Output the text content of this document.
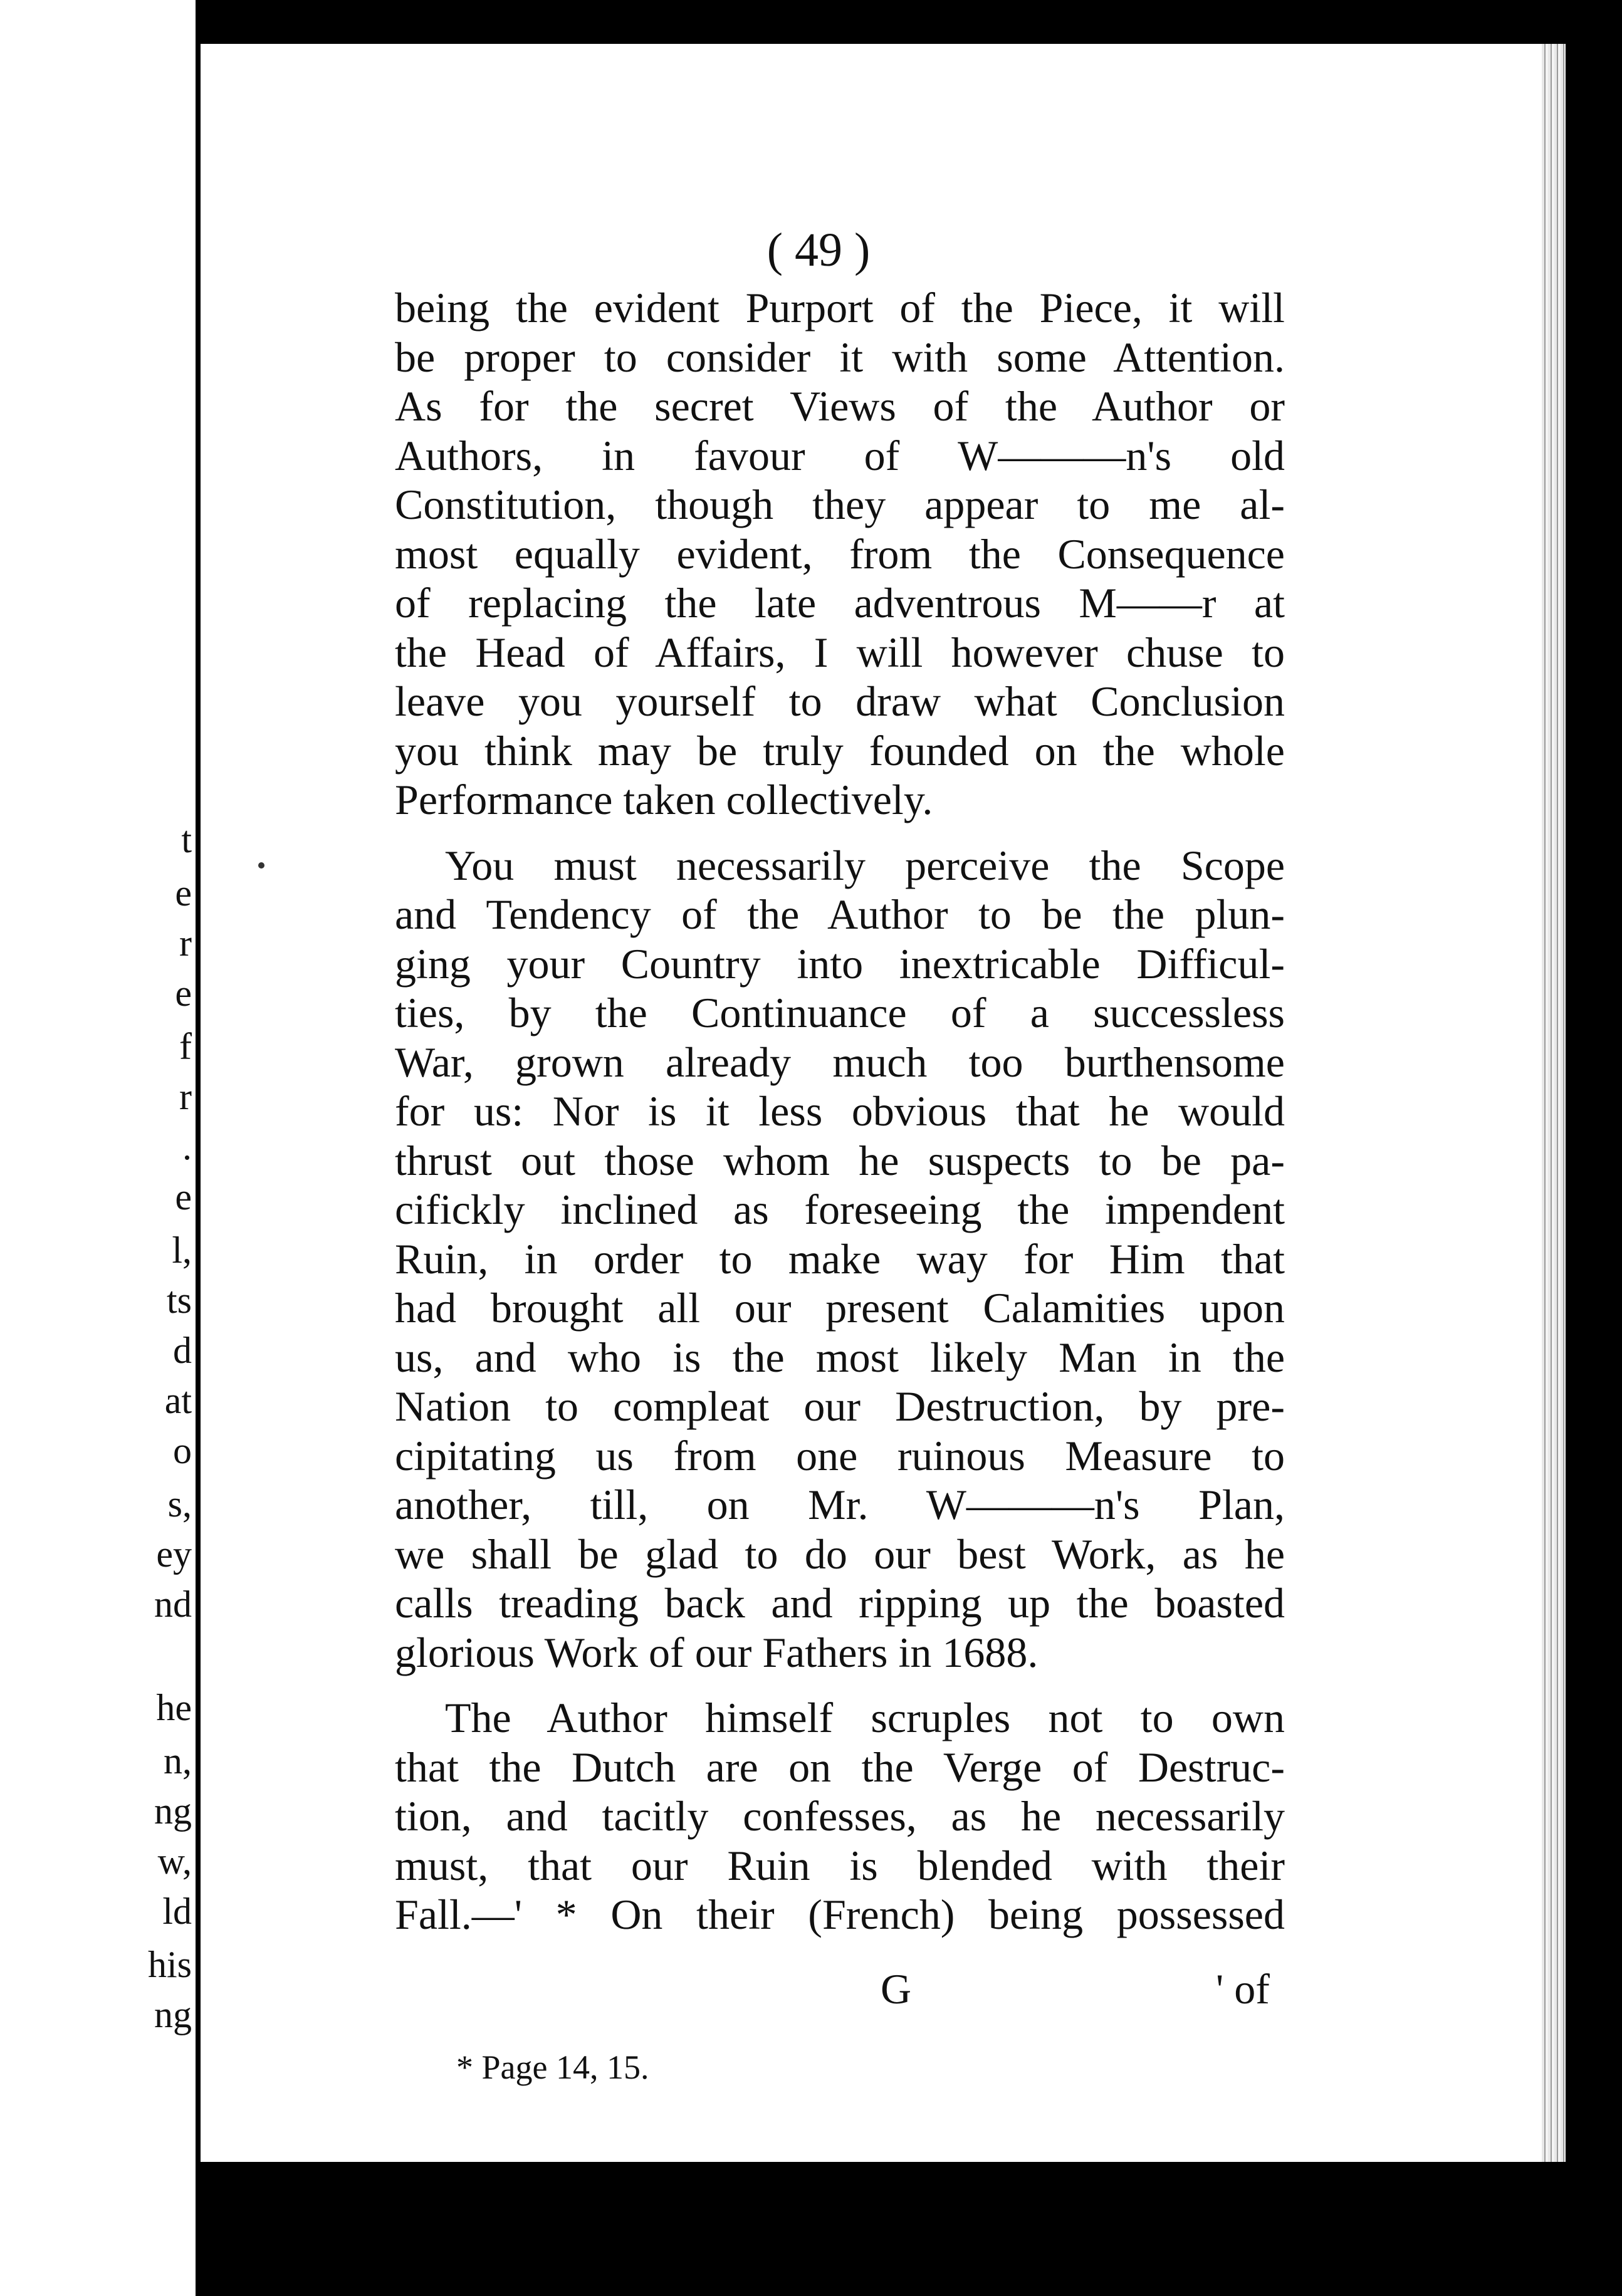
t
e
r
e
f
r
.
e
l,
ts
d
at
o
s,
ey
nd
he
n,
ng
w,
ld
his
ng
( 49 )
being the evident Purport of the Piece, it will
be proper to consider it with some Attention.
As for the secret Views of the Author or
Authors, in favour of W———n's old
Constitution, though they appear to me al-
most equally evident, from the Consequence
of replacing the late adventrous M——r at
the Head of Affairs, I will however chuse to
leave you yourself to draw what Conclusion
you think may be truly founded on the whole
Performance taken collectively.
You must necessarily perceive the Scope
and Tendency of the Author to be the plun-
ging your Country into inextricable Difficul-
ties, by the Continuance of a successless
War, grown already much too burthensome
for us: Nor is it less obvious that he would
thrust out those whom he suspects to be pa-
cifickly inclined as foreseeing the impendent
Ruin, in order to make way for Him that
had brought all our present Calamities upon
us, and who is the most likely Man in the
Nation to compleat our Destruction, by pre-
cipitating us from one ruinous Measure to
another, till, on Mr. W———n's Plan,
we shall be glad to do our best Work, as he
calls treading back and ripping up the boasted
glorious Work of our Fathers in 1688.
The Author himself scruples not to own
that the Dutch are on the Verge of Destruc-
tion, and tacitly confesses, as he necessarily
must, that our Ruin is blended with their
Fall.—' * On their (French) being possessed
G	' of
* Page 14, 15.
